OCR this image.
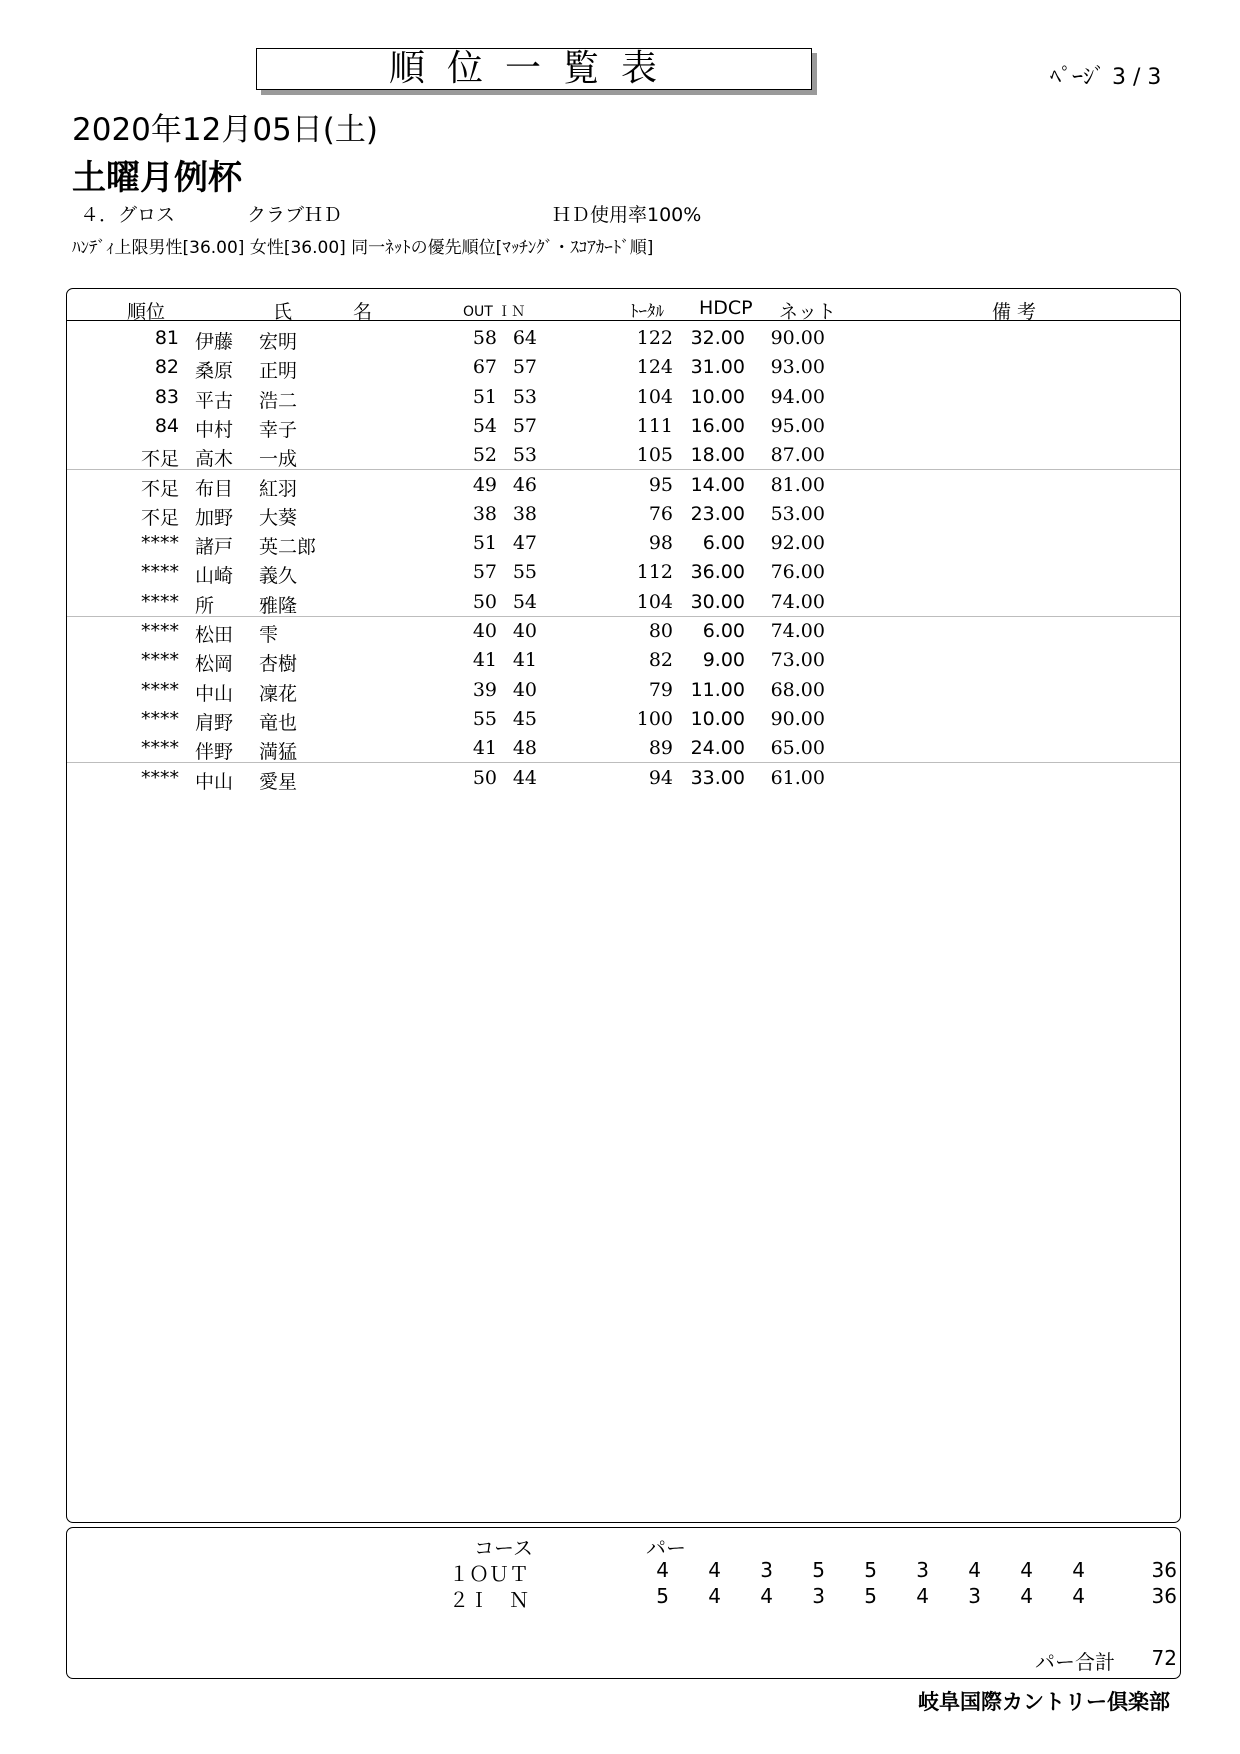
順位一覧表	ﾍﾟｰｼﾞ 3 / 3
2020年12月05日(土)
土曜月例杯
４．グロス	クラブＨＤ	ＨＤ使用率100%
ﾊﾝﾃﾞｨ上限男性[36.00] 女性[36.00] 同一ﾈｯﾄの優先順位[ﾏｯﾁﾝｸﾞ・ｽｺｱｶｰﾄﾞ順]
順位	氏	名	OUT ＩＮ	ﾄｰﾀﾙ HDCP ネット	備 考
81 伊藤	宏明	58 64	122 32.00	90.00
82 桑原	正明	67 57	124 31.00	93.00
83 平古	浩二	51 53	104 10.00	94.00
84 中村	幸子	54 57	111 16.00	95.00
不足 高木	一成	52 53	105 18.00	87.00
不足 布目	紅羽	49 46	95 14.00	81.00
不足 加野	大葵	38 38	76 23.00	53.00
**** 諸戸	英二郎	51 47	98	6.00	92.00
**** 山崎	義久	57 55	112 36.00	76.00
**** 所	雅隆	50 54	104 30.00	74.00
**** 松田	雫	40 40	80	6.00	74.00
**** 松岡	杏樹	41 41	82	9.00	73.00
**** 中山	凜花	39 40	79 11.00	68.00
**** 肩野	竜也	55 45	100 10.00	90.00
**** 伴野	満猛	41 48	89 24.00	65.00
**** 中山	愛星	50 44	94 33.00	61.00
コース	パー
１ＯＵＴ	4	4	3	5	5	3	4	4	4	36
２Ｉ　Ｎ	5	4	4	3	5	4	3	4	4	36
パー合計 72
岐阜国際カントリー倶楽部
